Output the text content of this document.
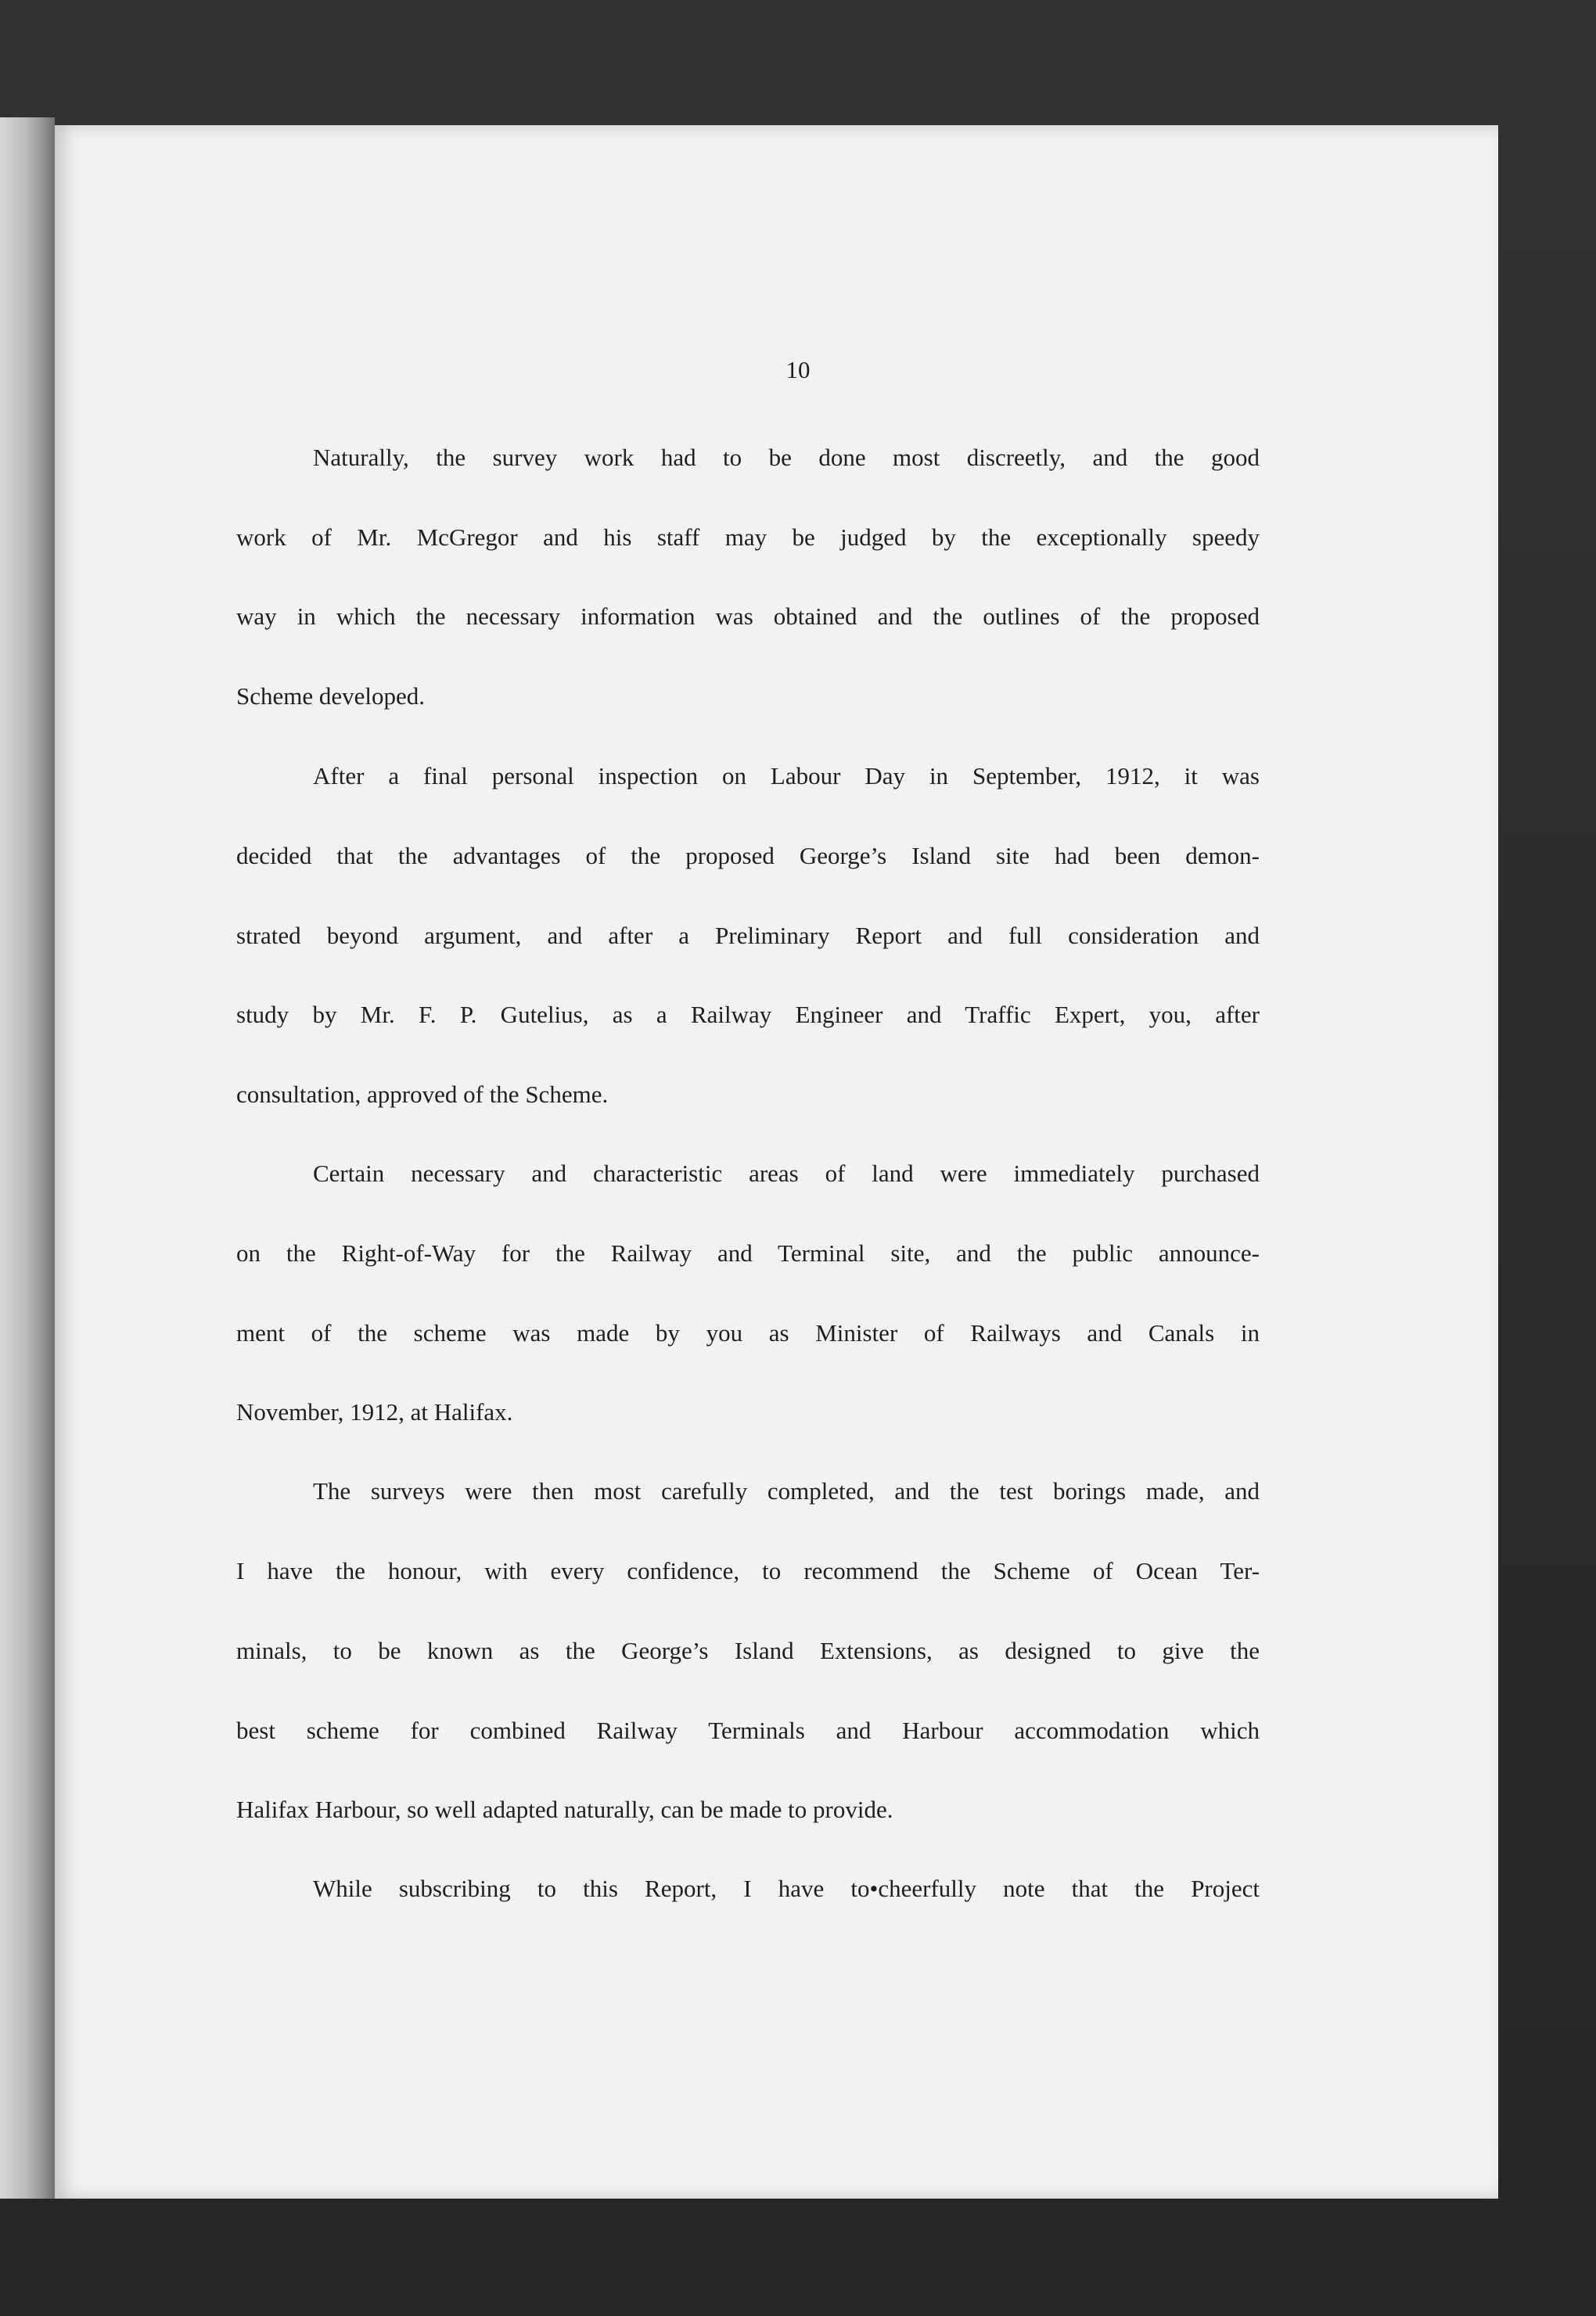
10
Naturally, the survey work had to be done most discreetly, and the good
work of Mr. McGregor and his staff may be judged by the exceptionally speedy
way in which the necessary information was obtained and the outlines of the proposed
Scheme developed.
After a final personal inspection on Labour Day in September, 1912, it was
decided that the advantages of the proposed George’s Island site had been demon-
strated beyond argument, and after a Preliminary Report and full consideration and
study by Mr. F. P. Gutelius, as a Railway Engineer and Traffic Expert, you, after
consultation, approved of the Scheme.
Certain necessary and characteristic areas of land were immediately purchased
on the Right-of-Way for the Railway and Terminal site, and the public announce-
ment of the scheme was made by you as Minister of Railways and Canals in
November, 1912, at Halifax.
The surveys were then most carefully completed, and the test borings made, and
I have the honour, with every confidence, to recommend the Scheme of Ocean Ter-
minals, to be known as the George’s Island Extensions, as designed to give the
best scheme for combined Railway Terminals and Harbour accommodation which
Halifax Harbour, so well adapted naturally, can be made to provide.
While subscribing to this Report, I have to•cheerfully note that the Project
